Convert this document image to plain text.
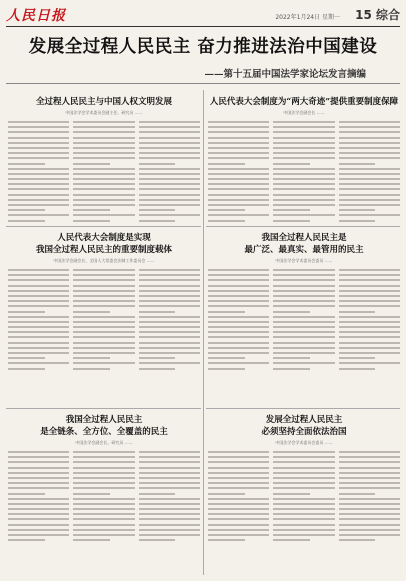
人民日报	2022年1月24日 星期一 15 综合
发展全过程人民民主 奋力推进法治中国建设
——第十五届中国法学家论坛发言摘编
全过程人民民主与中国人权文明发展
中国法学会学术委员会副主任、研究员 ……
人民代表大会制度为“两大奇迹”提供重要制度保障
中国法学会副会长 ……
人民代表大会制度是实现
我国全过程人民民主的重要制度载体
中国法学会副会长、全国人大常委会法制工作委员会 ……
我国全过程人民民主是
最广泛、最真实、最管用的民主
中国法学会学术委员会委员 ……
我国全过程人民民主
是全链条、全方位、全覆盖的民主
中国法学会副会长、研究员 ……
发展全过程人民民主
必须坚持全面依法治国
中国法学会学术委员会委员 ……
